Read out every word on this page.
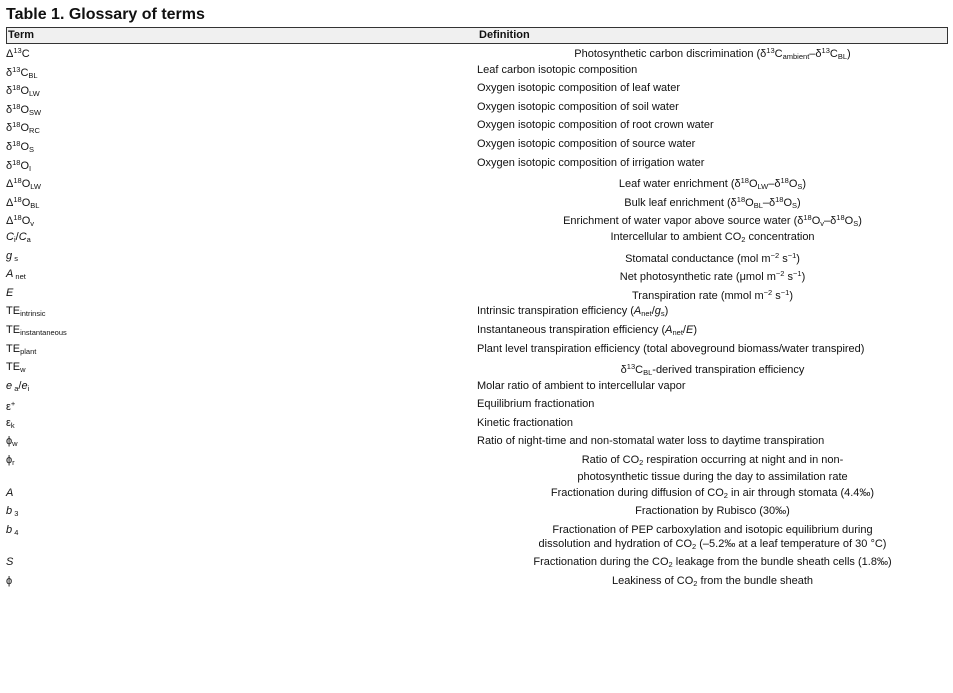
Table 1. Glossary of terms
Term	Definition
$\Delta^{13}C$	Photosynthetic carbon discrimination $(\delta^{13}C_{ambient}-\delta^{13}C_{BL})$
$\delta^{13}C_{BL}$	Leaf carbon isotopic composition
$\delta^{18}O_{LW}$	Oxygen isotopic composition of leaf water
$\delta^{18}O_{SW}$	Oxygen isotopic composition of soil water
$\delta^{18}O_{RC}$	Oxygen isotopic composition of root crown water
$\delta^{18}O_S$	Oxygen isotopic composition of source water
$\delta^{18}O_I$	Oxygen isotopic composition of irrigation water
$\Delta^{18}O_{LW}$	Leaf water enrichment $(\delta^{18}O_{LW}-\delta^{18}O_S)$
$\Delta^{18}O_{BL}$	Bulk leaf enrichment $(\delta^{18}O_{BL}-\delta^{18}O_S)$
$\Delta^{18}O_v$	Enrichment of water vapor above source water $(\delta^{18}O_v-\delta^{18}O_S)$
$C_i/C_a$	Intercellular to ambient $CO_2$ concentration
g $_s$	Stomatal conductance (mol $m^{-2}$ $s^{-1}$)
A $_{net}$	Net photosynthetic rate (μmol $m^{-2}$ $s^{-1}$)
E	Transpiration rate (mmol $m^{-2}$ $s^{-1}$)
$TE_{intrinsic}$	Intrinsic transpiration efficiency $(A_{net}/g_s)$
$TE_{instantaneous}$	Instantaneous transpiration efficiency $(A_{net}/E)$
$TE_{plant}$	Plant level transpiration efficiency (total aboveground biomass/water transpired)
$TE_w$	$\delta^{13}C_{BL}$-derived transpiration efficiency
e $_a/e_i$	Molar ratio of ambient to intercellular vapor
ε+	Equilibrium fractionation
$\varepsilon_k$	Kinetic fractionation
$\phi_w$	Ratio of night-time and non-stomatal water loss to daytime transpiration
$\phi_r$	Ratio of $CO_2$ respiration occurring at night and in non-
photosynthetic tissue during the day to assimilation rate
A	Fractionation during diffusion of $CO_2$ in air through stomata (4.4‰)
b $_3$	Fractionation by Rubisco (30‰)
b $_4$	Fractionation of PEP carboxylation and isotopic equilibrium during
dissolution and hydration of $CO_2$ (–5.2‰ at a leaf temperature of 30 °C)
S	Fractionation during the $CO_2$ leakage from the bundle sheath cells (1.8‰)
ϕ	Leakiness of $CO_2$ from the bundle sheath
